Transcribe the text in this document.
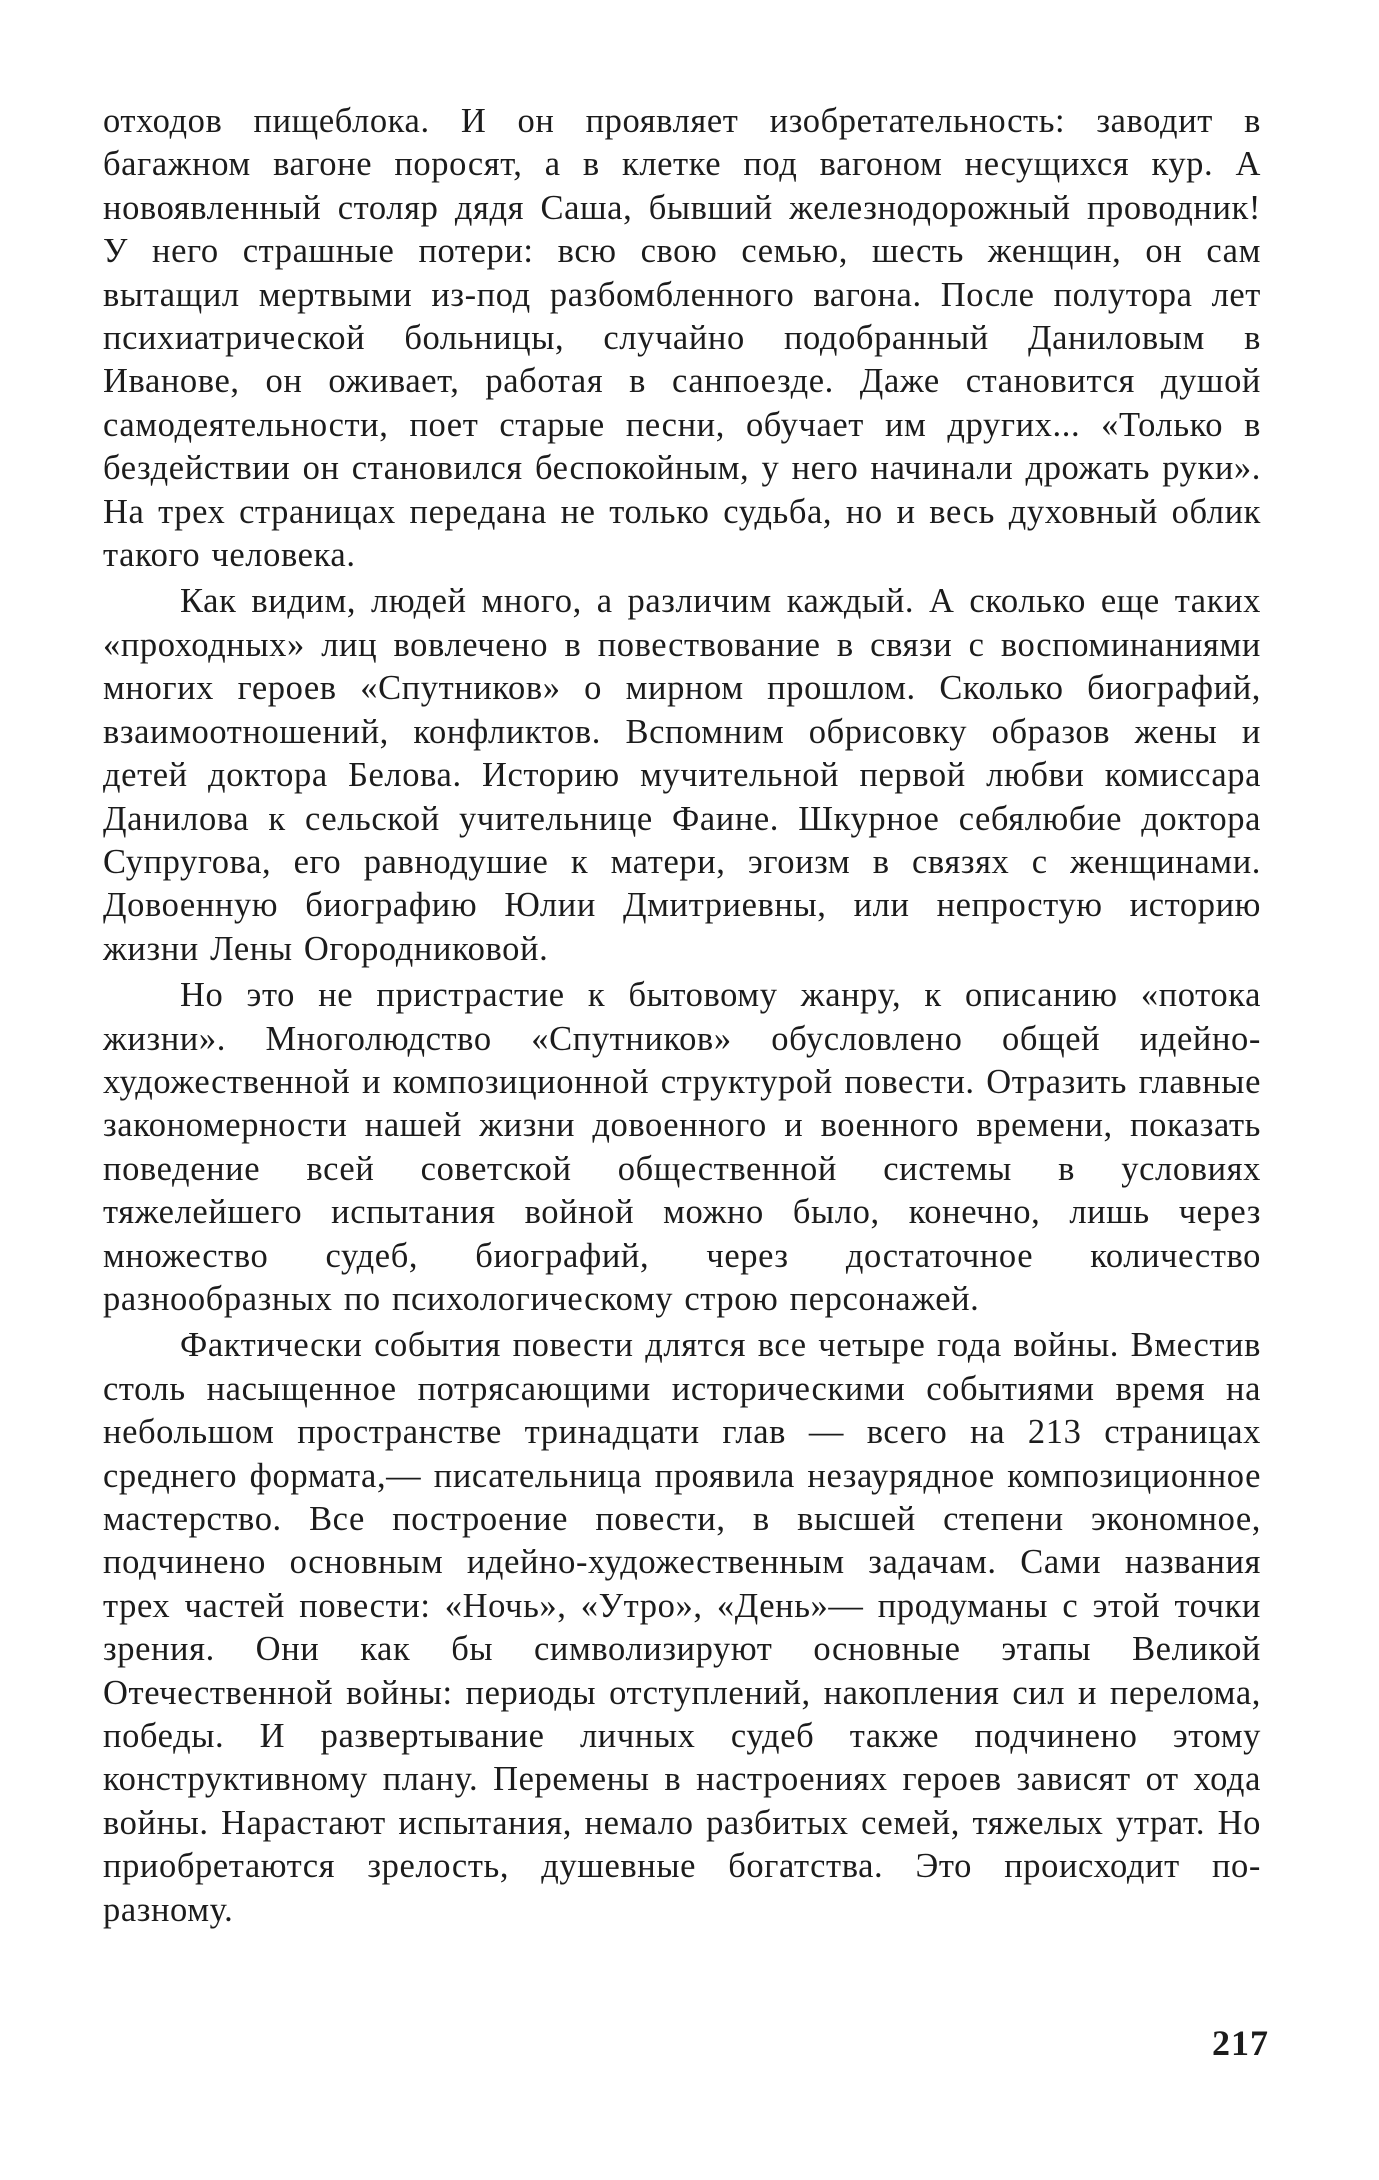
отходов пищеблока. И он проявляет изобретательность: заводит в багажном вагоне поросят, а в клетке под вагоном несущихся кур. А новоявленный столяр дядя Саша, бывший железнодорожный проводник! У него страшные потери: всю свою семью, шесть женщин, он сам вытащил мертвыми из-под разбомбленного вагона. После полутора лет психиатрической больницы, случайно подобранный Даниловым в Иванове, он оживает, работая в санпоезде. Даже становится душой самодеятельности, поет старые песни, обучает им других... «Только в бездействии он становился беспокойным, у него начинали дрожать руки». На трех страницах передана не только судьба, но и весь духовный облик такого человека.

Как видим, людей много, а различим каждый. А сколько еще таких «проходных» лиц вовлечено в повествование в связи с воспоминаниями многих героев «Спутников» о мирном прошлом. Сколько биографий, взаимоотношений, конфликтов. Вспомним обрисовку образов жены и детей доктора Белова. Историю мучительной первой любви комиссара Данилова к сельской учительнице Фаине. Шкурное себялюбие доктора Супругова, его равнодушие к матери, эгоизм в связях с женщинами. Довоенную биографию Юлии Дмитриевны, или непростую историю жизни Лены Огородниковой.

Но это не пристрастие к бытовому жанру, к описанию «потока жизни». Многолюдство «Спутников» обусловлено общей идейно-художественной и композиционной структурой повести. Отразить главные закономерности нашей жизни довоенного и военного времени, показать поведение всей советской общественной системы в условиях тяжелейшего испытания войной можно было, конечно, лишь через множество судеб, биографий, через достаточное количество разнообразных по психологическому строю персонажей.

Фактически события повести длятся все четыре года войны. Вместив столь насыщенное потрясающими историческими событиями время на небольшом пространстве тринадцати глав — всего на 213 страницах среднего формата,— писательница проявила незаурядное композиционное мастерство. Все построение повести, в высшей степени экономное, подчинено основным идейно-художественным задачам. Сами названия трех частей повести: «Ночь», «Утро», «День»— продуманы с этой точки зрения. Они как бы символизируют основные этапы Великой Отечественной войны: периоды отступлений, накопления сил и перелома, победы. И развертывание личных судеб также подчинено этому конструктивному плану. Перемены в настроениях героев зависят от хода войны. Нарастают испытания, немало разбитых семей, тяжелых утрат. Но приобретаются зрелость, душевные богатства. Это происходит по-разному.

217
